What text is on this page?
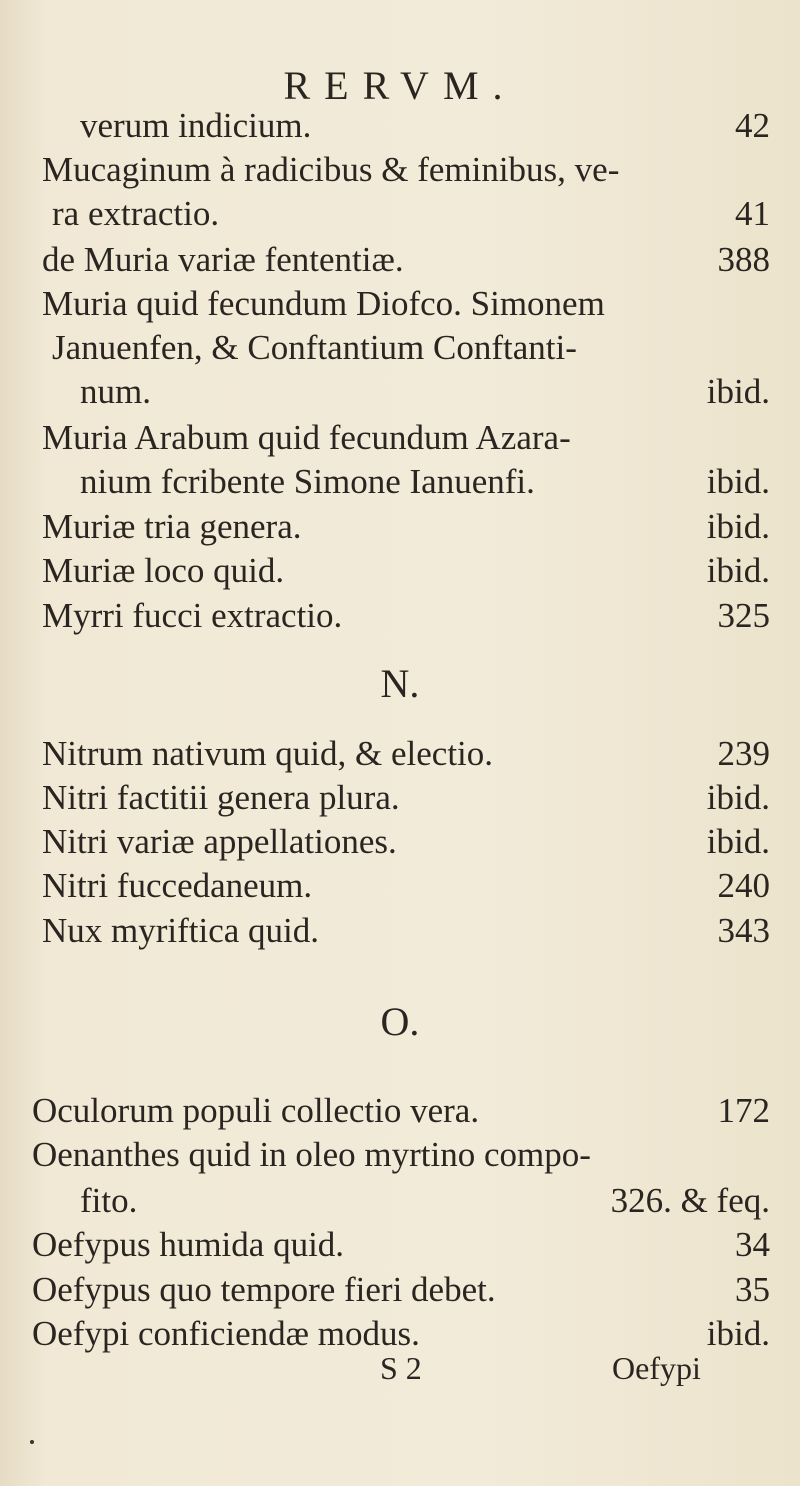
RERVM.
verum indicium.	42
Mucaginum à radicibus & feminibus, ve-
ra extractio.	41
de Muria variæ fententiæ.	388
Muria quid fecundum Diofco. Simonem
Januenfen, & Conftantium Conftanti-
num.	ibid.
Muria Arabum quid fecundum Azara-
nium fcribente Simone Ianuenfi.	ibid.
Muriæ tria genera.	ibid.
Muriæ loco quid.	ibid.
Myrri fucci extractio.	325
N.
Nitrum nativum quid, & electio.	239
Nitri factitii genera plura.	ibid.
Nitri variæ appellationes.	ibid.
Nitri fuccedaneum.	240
Nux myriftica quid.	343
O.
Oculorum populi collectio vera.	172
Oenanthes quid in oleo myrtino compo-
fito.	326. & feq.
Oefypus humida quid.	34
Oefypus quo tempore fieri debet.	35
Oefypi conficiendæ modus.	ibid.
S 2	Oefypi
